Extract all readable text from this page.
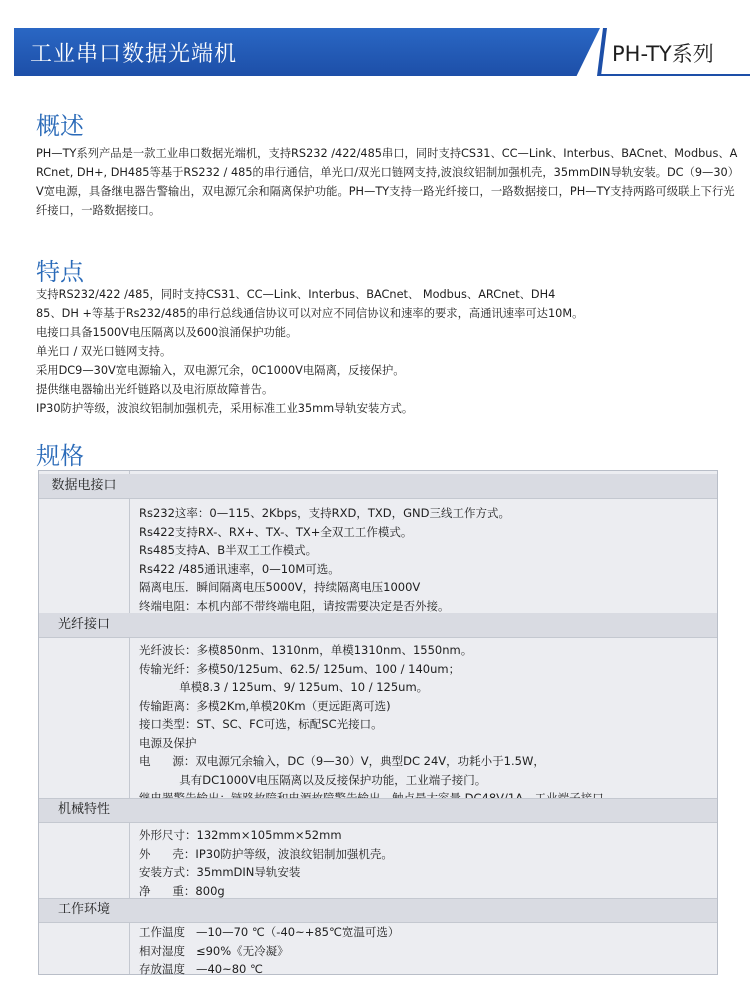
工业串口数据光端机	PH-TY系列
概述
PH—TY系列产品是一款工业串口数据光端机，支持RS232 /422/485串口，同时支持CS31、CC—Link、Interbus、BACnet、Modbus、A
RCnet, DH+, DH485等基于RS232 / 485的串行通信，单光口/双光口链网支持,波浪纹铝制加强机壳，35mmDIN导轨安装。DC（9—30）
V宽电源，具备继电器告警输出，双电源冗余和隔离保护功能。PH—TY支持一路光纤接口，一路数据接口，PH—TY支持两路可级联上下行光
纤接口，一路数据接口。
特点
支持RS232/422 /485，同时支持CS31、CC—Link、Interbus、BACnet、 Modbus、ARCnet、DH4
85、DH +等基于Rs232/485的串行总线通信协议可以对应不同信协议和速率的要求，高通讯速率可达10M。
电接口具备1500V电压隔离以及600浪涌保护功能。
单光口 / 双光口链网支持。
采用DC9—30V宽电源输入，双电源冗余，0C1000V电隔离，反接保护。
提供继电器输出光纤链路以及电洐原故障普告。
IP30防护等级，波浪纹铝制加强机壳，采用标准工业35mm导轨安装方式。
规格
数据电接口
Rs232这率：0—115、2Kbps，支持RXD，TXD，GND三线工作方式。
Rs422支持RX-、RX+、TX-、TX+全双工工作模式。
Rs485支持A、B半双工工作模式。
Rs422 /485通讯速率，0—10M可选。
隔离电压．瞬间隔离电压5000V，持续隔离电压1000V
终端电阻：本机内部不带终端电阻，请按需要决定是否外接。
光纤接口
光纤波长：多模850nm、1310nm，单模1310nm、1550nm。
传输光纤：多模50/125um、62.5/ 125um、100 / 140um；
单模8.3 / 125um、9/ 125um、10 / 125um。
传输距离：多模2Km,单模20Km（更远距离可选)
接口类型：ST、SC、FC可选，标配SC光接口。
电源及保护
电      源：双电源冗余输入，DC（9—30）V，典型DC 24V，功耗小于1.5W，
具有DC1000V电压隔离以及反接保护功能，工业端子接门。
机械特性
外形尺寸：132mm×105mm×52mm
外      壳：IP30防护等级，波浪纹铝制加强机壳。
安装方式：35mmDIN导轨安装
净      重：800g
工作环境
工作温度   —10—70 ℃（-40~+85℃宽温可选）
相对湿度   ≤90%《无冷凝》
存放温度   —40~80 ℃
